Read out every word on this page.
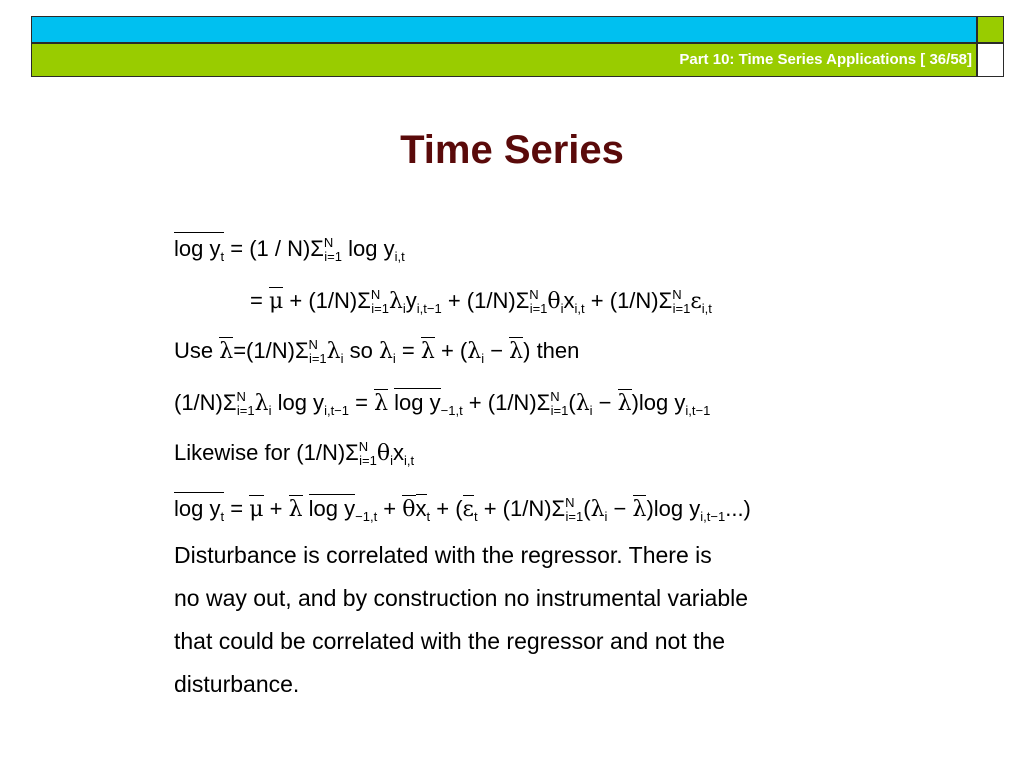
Part 10: Time Series Applications [ 36/58]
Time Series
$\log y_t = (1 / N)\Sigma^N_{i=1}$ $\log y_{i,t}$
= $\mu + (1/N)\Sigma^N_{i=1}\lambda_iy_{i,t-1} + (1/N)\Sigma^N_{i=1}\theta_ix_{i,t} + (1/N)\Sigma^N_{i=1}\varepsilon_{i,t}$
Use $\lambda=(1/N)\Sigma^N_{i=1}\lambda_i$ so $\lambda_i = \lambda + (\lambda_i - \lambda)$ then
$(1/N)\Sigma^N_{i=1}\lambda_i$ $\log y_{i,t-1} = \lambda$ $\log y_{-1,t} + (1/N)\Sigma^N_{i=1}(\lambda_i - \lambda)\log$ $y_{i,t-1}$
Likewise for $(1/N)\Sigma^N_{i=1}\theta_ix_{i,t}$
$\log y_t = \mu + \lambda$ $\log y_{-1,t} + \theta x_t + (\varepsilon_t + (1/N)\Sigma^N_{i=1}(\lambda_i - \lambda)\log$ $y_{i,t-1}$...)
Disturbance is correlated with the regressor. There is
no way out, and by construction no instrumental variable
that could be correlated with the regressor and not the
disturbance.
